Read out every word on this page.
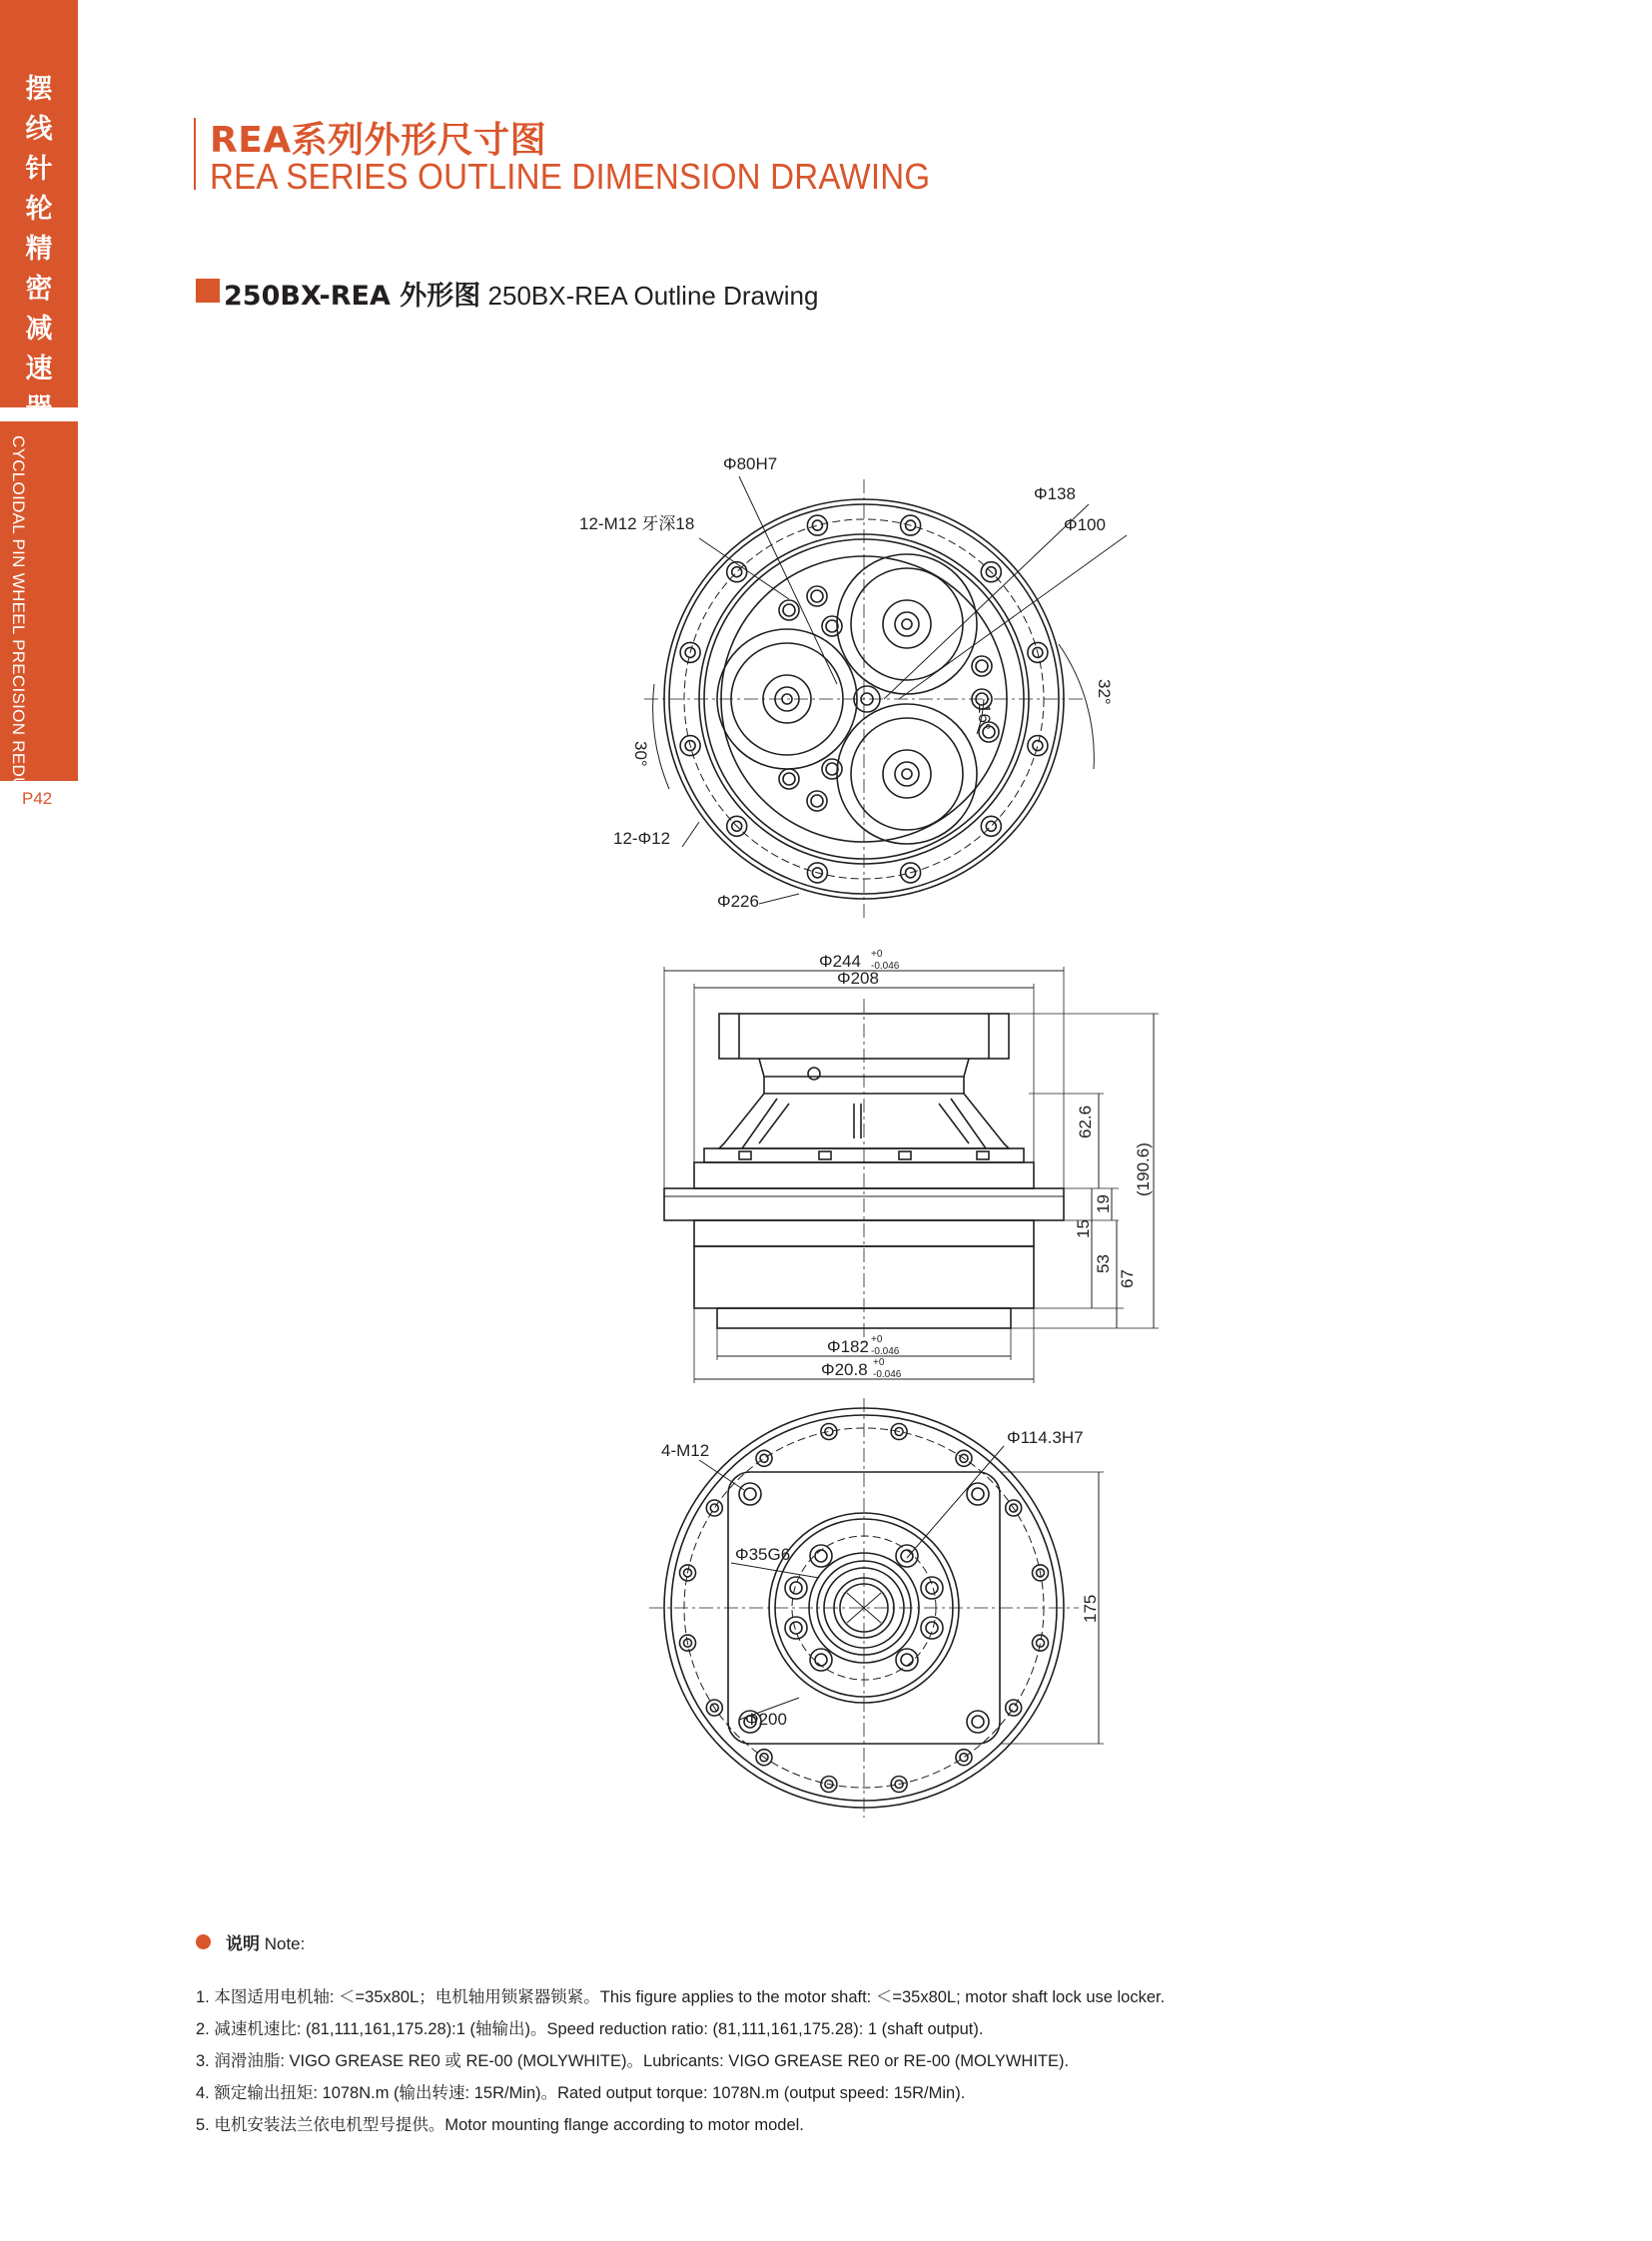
摆
线
针
轮
精
密
减
速
CYCLOIDAL PIN WHEEL PRECISION REDUCER
P42
REA系列外形尺寸图
REA SERIES OUTLINE DIMENSION DRAWING
250BX-REA 外形图 250BX-REA Outline Drawing
Φ80H7
12-M12 牙深18
Φ138
Φ100
32°
16°
30°
12-Φ12
Φ226
Φ244 +0
-0.046
Φ208
62.6
(190.6)
19
15
53
67
Φ182 +0
-0.046
Φ20.8 +0
-0.046
4-M12
Φ114.3H7
Φ35G6
Φ200
175
说明 Note:
1. 本图适用电机轴: ＜=35x80L；电机轴用锁紧器锁紧。This figure applies to the motor shaft: ＜=35x80L; motor shaft lock use locker.
2. 减速机速比: (81,111,161,175.28):1 (轴输出)。Speed reduction ratio: (81,111,161,175.28): 1 (shaft output).
3. 润滑油脂: VIGO GREASE RE0 或 RE-00 (MOLYWHITE)。Lubricants: VIGO GREASE RE0 or RE-00 (MOLYWHITE).
4. 额定输出扭矩: 1078N.m (输出转速: 15R/Min)。Rated output torque: 1078N.m (output speed: 15R/Min).
5. 电机安装法兰依电机型号提供。Motor mounting flange according to motor model.
